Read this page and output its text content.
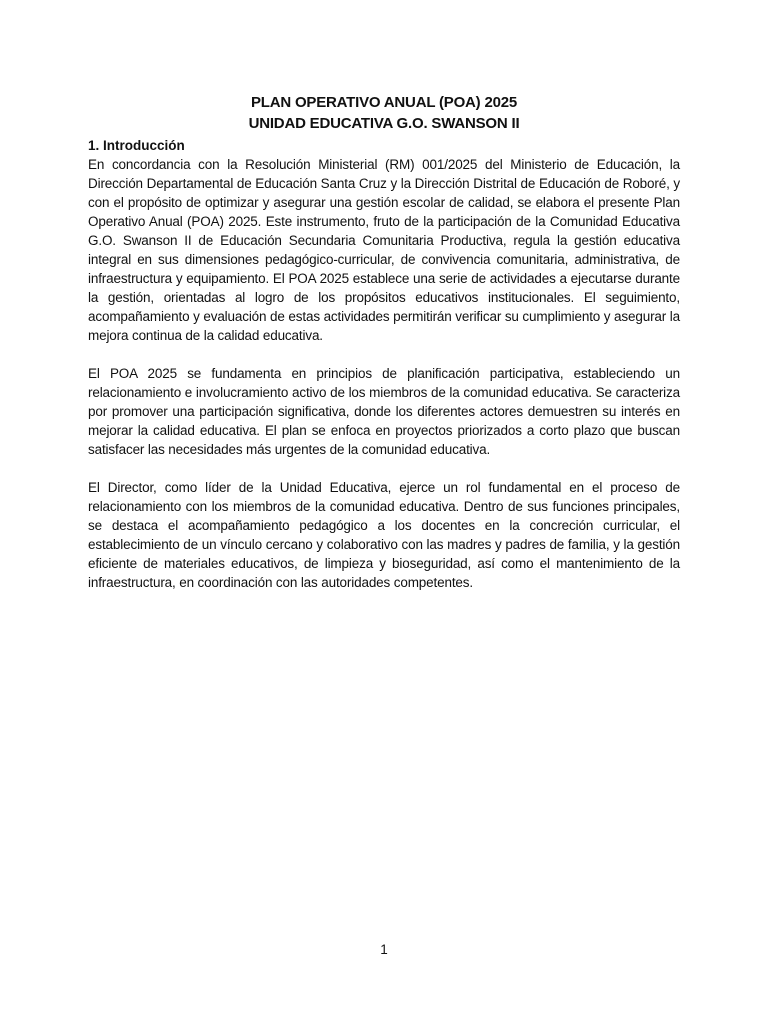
PLAN OPERATIVO ANUAL (POA) 2025
UNIDAD EDUCATIVA G.O. SWANSON II
1. Introducción

En concordancia con la Resolución Ministerial (RM) 001/2025 del Ministerio de Educación, la Dirección Departamental de Educación Santa Cruz y la Dirección Distrital de Educación de Roboré, y con el propósito de optimizar y asegurar una gestión escolar de calidad, se elabora el presente Plan Operativo Anual (POA) 2025. Este instrumento, fruto de la participación de la Comunidad Educativa G.O. Swanson II de Educación Secundaria Comunitaria Productiva, regula la gestión educativa integral en sus dimensiones pedagógico-curricular, de convivencia comunitaria, administrativa, de infraestructura y equipamiento. El POA 2025 establece una serie de actividades a ejecutarse durante la gestión, orientadas al logro de los propósitos educativos institucionales. El seguimiento, acompañamiento y evaluación de estas actividades permitirán verificar su cumplimiento y asegurar la mejora continua de la calidad educativa.

El POA 2025 se fundamenta en principios de planificación participativa, estableciendo un relacionamiento e involucramiento activo de los miembros de la comunidad educativa. Se caracteriza por promover una participación significativa, donde los diferentes actores demuestren su interés en mejorar la calidad educativa. El plan se enfoca en proyectos priorizados a corto plazo que buscan satisfacer las necesidades más urgentes de la comunidad educativa.

El Director, como líder de la Unidad Educativa, ejerce un rol fundamental en el proceso de relacionamiento con los miembros de la comunidad educativa. Dentro de sus funciones principales, se destaca el acompañamiento pedagógico a los docentes en la concreción curricular, el establecimiento de un vínculo cercano y colaborativo con las madres y padres de familia, y la gestión eficiente de materiales educativos, de limpieza y bioseguridad, así como el mantenimiento de la infraestructura, en coordinación con las autoridades competentes.

1
